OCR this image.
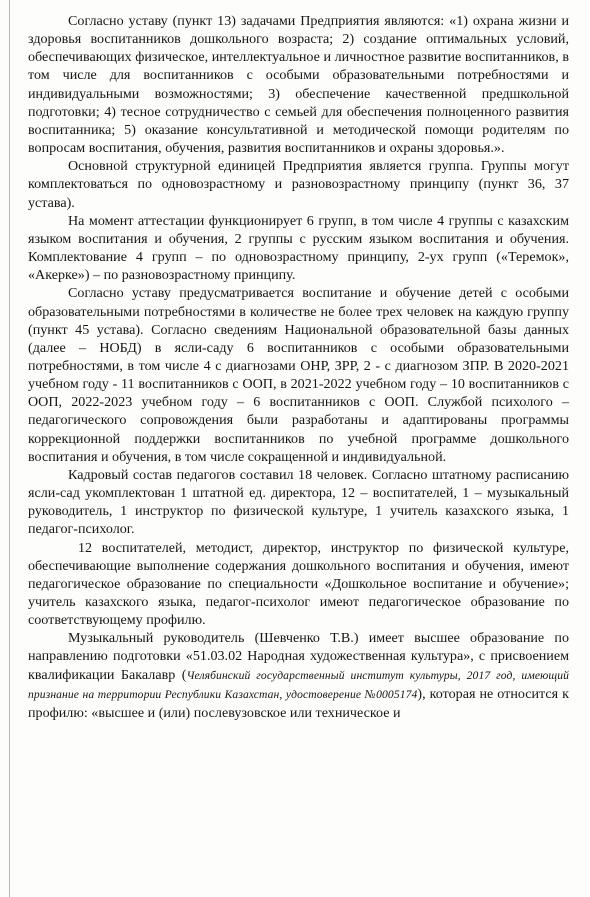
Согласно уставу (пункт 13) задачами Предприятия являются: «1) охрана жизни и здоровья воспитанников дошкольного возраста; 2) создание оптимальных условий, обеспечивающих физическое, интеллектуальное и личностное развитие воспитанников, в том числе для воспитанников с особыми образовательными потребностями и индивидуальными возможностями; 3) обеспечение качественной предшкольной подготовки; 4) тесное сотрудничество с семьей для обеспечения полноценного развития воспитанника; 5) оказание консультативной и методической помощи родителям по вопросам воспитания, обучения, развития воспитанников и охраны здоровья.».

Основной структурной единицей Предприятия является группа. Группы могут комплектоваться по одновозрастному и разновозрастному принципу (пункт 36, 37 устава).

На момент аттестации функционирует 6 групп, в том числе 4 группы с казахским языком воспитания и обучения, 2 группы с русским языком воспитания и обучения. Комплектование 4 групп – по одновозрастному принципу, 2-ух групп («Теремок», «Акерке») – по разновозрастному принципу.

Согласно уставу предусматривается воспитание и обучение детей с особыми образовательными потребностями в количестве не более трех человек на каждую группу (пункт 45 устава). Согласно сведениям Национальной образовательной базы данных (далее – НОБД) в ясли-саду 6 воспитанников с особыми образовательными потребностями, в том числе 4 с диагнозами ОНР, ЗРР, 2 - с диагнозом ЗПР. В 2020-2021 учебном году - 11 воспитанников с ООП, в 2021-2022 учебном году – 10 воспитанников с ООП, 2022-2023 учебном году – 6 воспитанников с ООП. Службой психолого – педагогического сопровождения были разработаны и адаптированы программы коррекционной поддержки воспитанников по учебной программе дошкольного воспитания и обучения, в том числе сокращенной и индивидуальной.

Кадровый состав педагогов составил 18 человек. Согласно штатному расписанию ясли-сад укомплектован 1 штатной ед. директора, 12 – воспитателей, 1 – музыкальный руководитель, 1 инструктор по физической культуре, 1 учитель казахского языка, 1 педагог-психолог.

12 воспитателей, методист, директор, инструктор по физической культуре, обеспечивающие выполнение содержания дошкольного воспитания и обучения, имеют педагогическое образование по специальности «Дошкольное воспитание и обучение»; учитель казахского языка, педагог-психолог имеют педагогическое образование по соответствующему профилю.

Музыкальный руководитель (Шевченко Т.В.) имеет высшее образование по направлению подготовки «51.03.02 Народная художественная культура», с присвоением квалификации Бакалавр (Челябинский государственный институт культуры, 2017 год, имеющий признание на территории Республики Казахстан, удостоверение №0005174), которая не относится к профилю: «высшее и (или) послевузовское или техническое и
